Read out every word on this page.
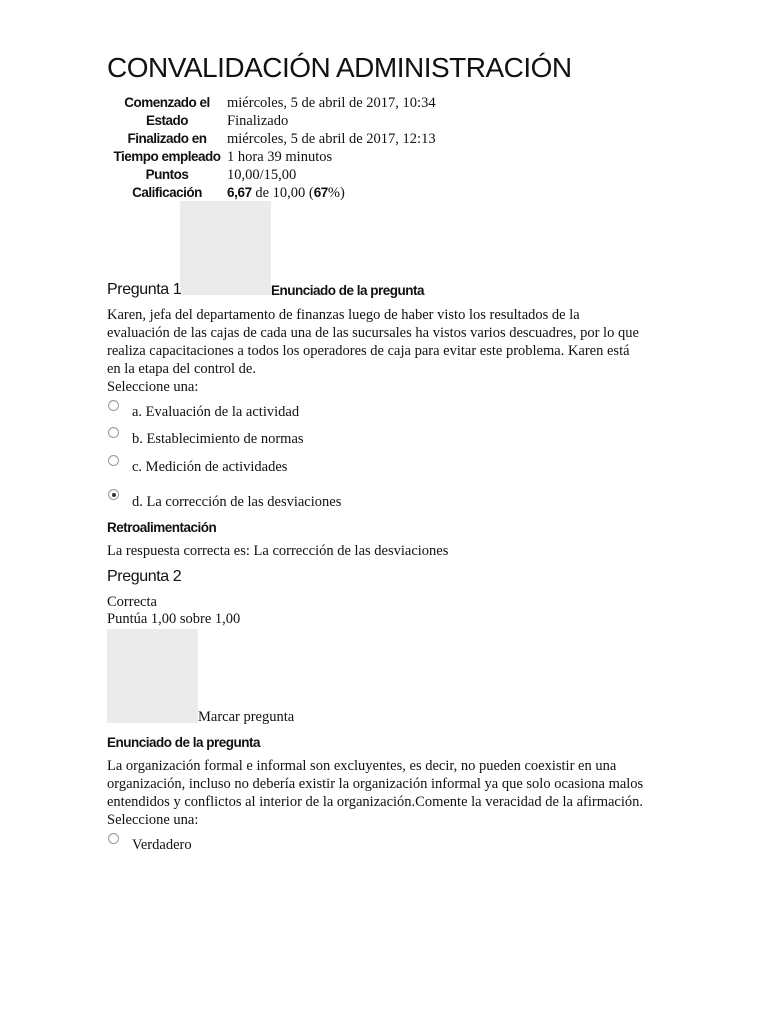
CONVALIDACIÓN ADMINISTRACIÓN
Comenzado el	miércoles, 5 de abril de 2017, 10:34
Estado	Finalizado
Finalizado en	miércoles, 5 de abril de 2017, 12:13
Tiempo empleado 1 hora 39 minutos
Puntos	10,00/15,00
Calificación	6,67 de 10,00 (67%)
Pregunta 1	Enunciado de la pregunta
Karen, jefa del departamento de finanzas luego de haber visto los resultados de la
evaluación de las cajas de cada una de las sucursales ha vistos varios descuadres, por lo que
realiza capacitaciones a todos los operadores de caja para evitar este problema. Karen está
en la etapa del control de.
Seleccione una:
a. Evaluación de la actividad
b. Establecimiento de normas
c. Medición de actividades
d. La corrección de las desviaciones
Retroalimentación
La respuesta correcta es: La corrección de las desviaciones
Pregunta 2
Correcta
Puntúa 1,00 sobre 1,00
Marcar pregunta
Enunciado de la pregunta
La organización formal e informal son excluyentes, es decir, no pueden coexistir en una
organización, incluso no debería existir la organización informal ya que solo ocasiona malos
entendidos y conflictos al interior de la organización.Comente la veracidad de la afirmación.
Seleccione una:
Verdadero
